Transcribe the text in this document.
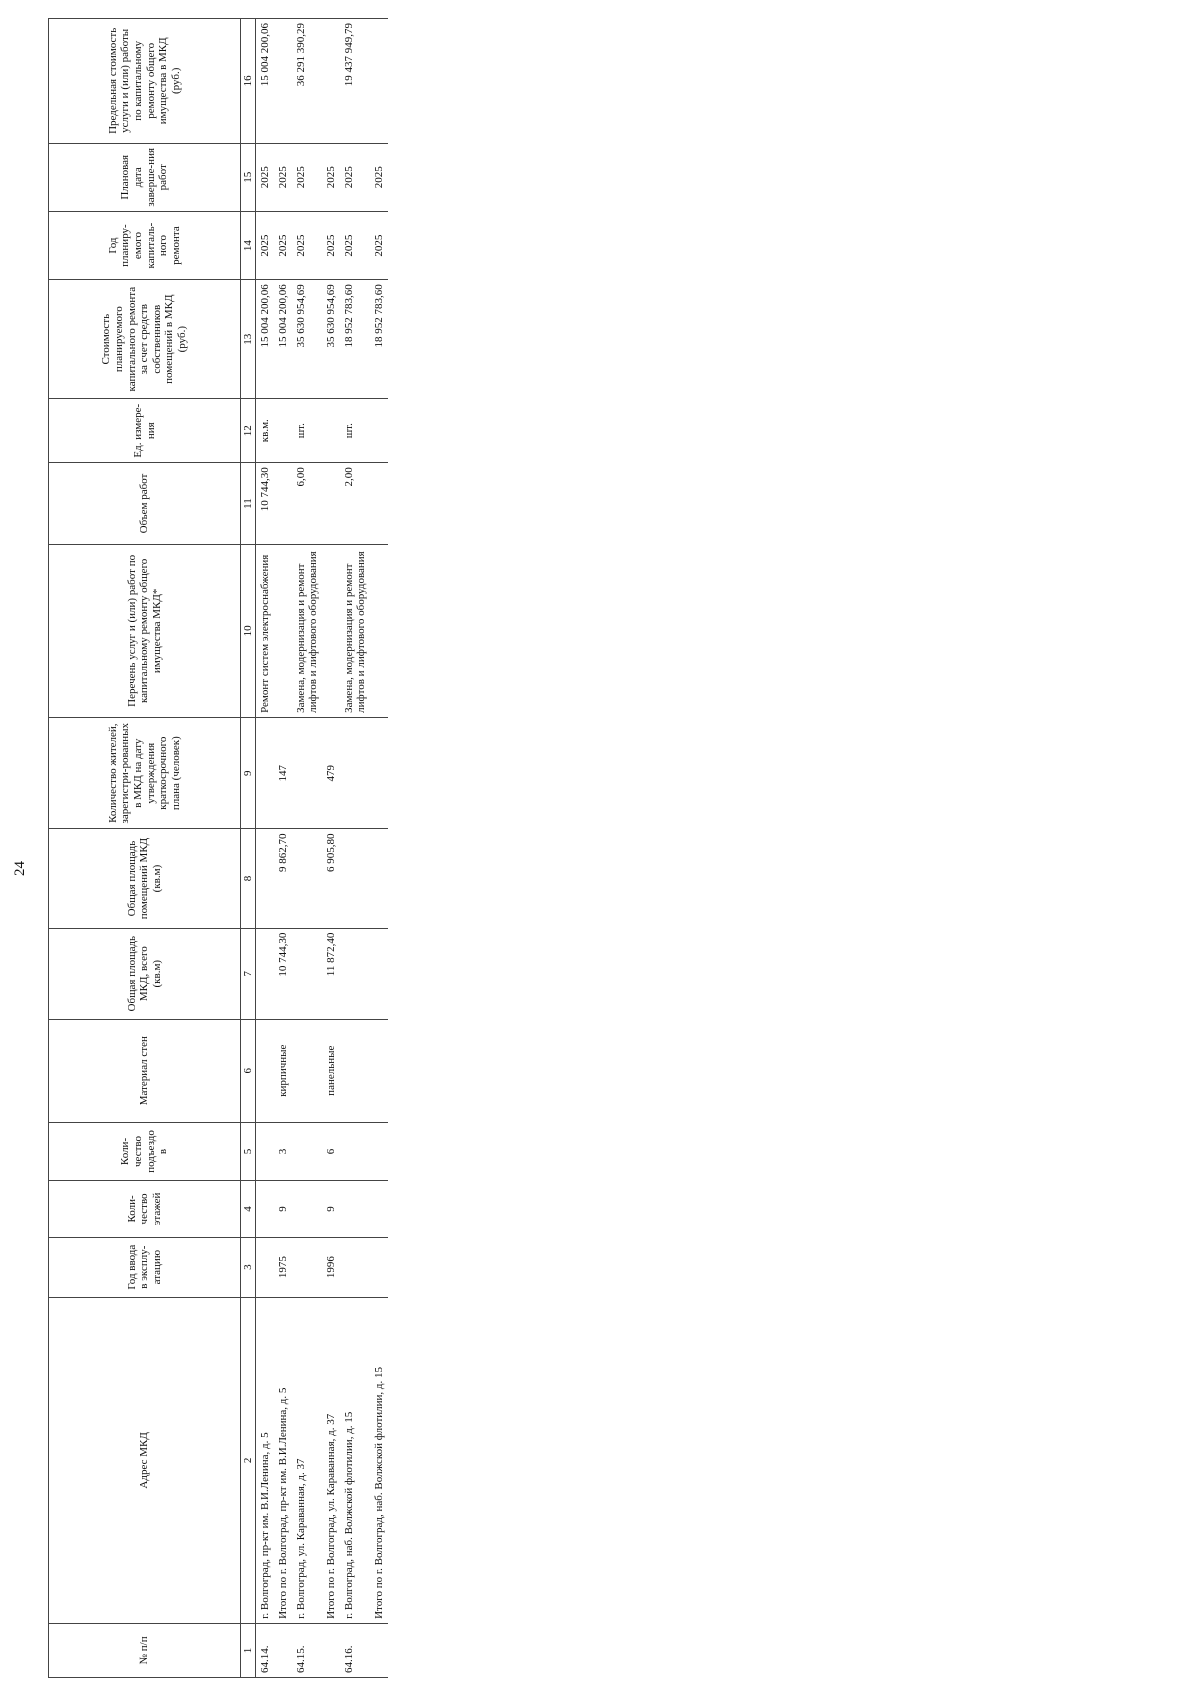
24
№ п/п	Адрес МКД	Год ввода в эксплу-атацию	Коли-чество этажей	Коли-чество подъездо в	Материал стен	Общая площадь МКД, всего (кв.м)	Общая площадь помещений МКД (кв.м)	Количество жителей, зарегистри-рованных в МКД на дату утверждения краткосрочного плана (человек)	Перечень услуг и (или) работ по капитальному ремонту общего имущества МКД*	Объем работ	Ед. измере-ния	Стоимость планируемого капитального ремонта за счет средств собственников помещений в МКД (руб.)	Год планиру-емого капиталь-ного ремонта	Плановая дата заверше-ния работ	Предельная стоимость услуги и (или) работы по капитальному ремонту общего имущества в МКД (руб.)
1	2	3	4	5	6	7	8	9	10	11	12	13	14	15	16
64.14.	г. Волгоград, пр-кт им. В.И.Ленина, д. 5								Ремонт систем электроснабжения	10 744,30	кв.м.	15 004 200,06	2025	2025	15 004 200,06
	Итого по г. Волгоград, пр-кт им. В.И.Ленина, д. 5	1975	9	3	кирпичные	10 744,30	9 862,70	147				15 004 200,06	2025	2025	
64.15.	г. Волгоград, ул. Караванная, д. 37								Замена, модернизация и ремонт лифтов и лифтового оборудования	6,00	шт.	35 630 954,69	2025	2025	36 291 390,29
	Итого по г. Волгоград, ул. Караванная, д. 37	1996	9	6	панельные	11 872,40	6 905,80	479				35 630 954,69	2025	2025	
64.16.	г. Волгоград, наб. Волжской флотилии, д. 15								Замена, модернизация и ремонт лифтов и лифтового оборудования	2,00	шт.	18 952 783,60	2025	2025	19 437 949,79
	Итого по г. Волгоград, наб. Волжской флотилии, д. 15											18 952 783,60	2025	2025	
